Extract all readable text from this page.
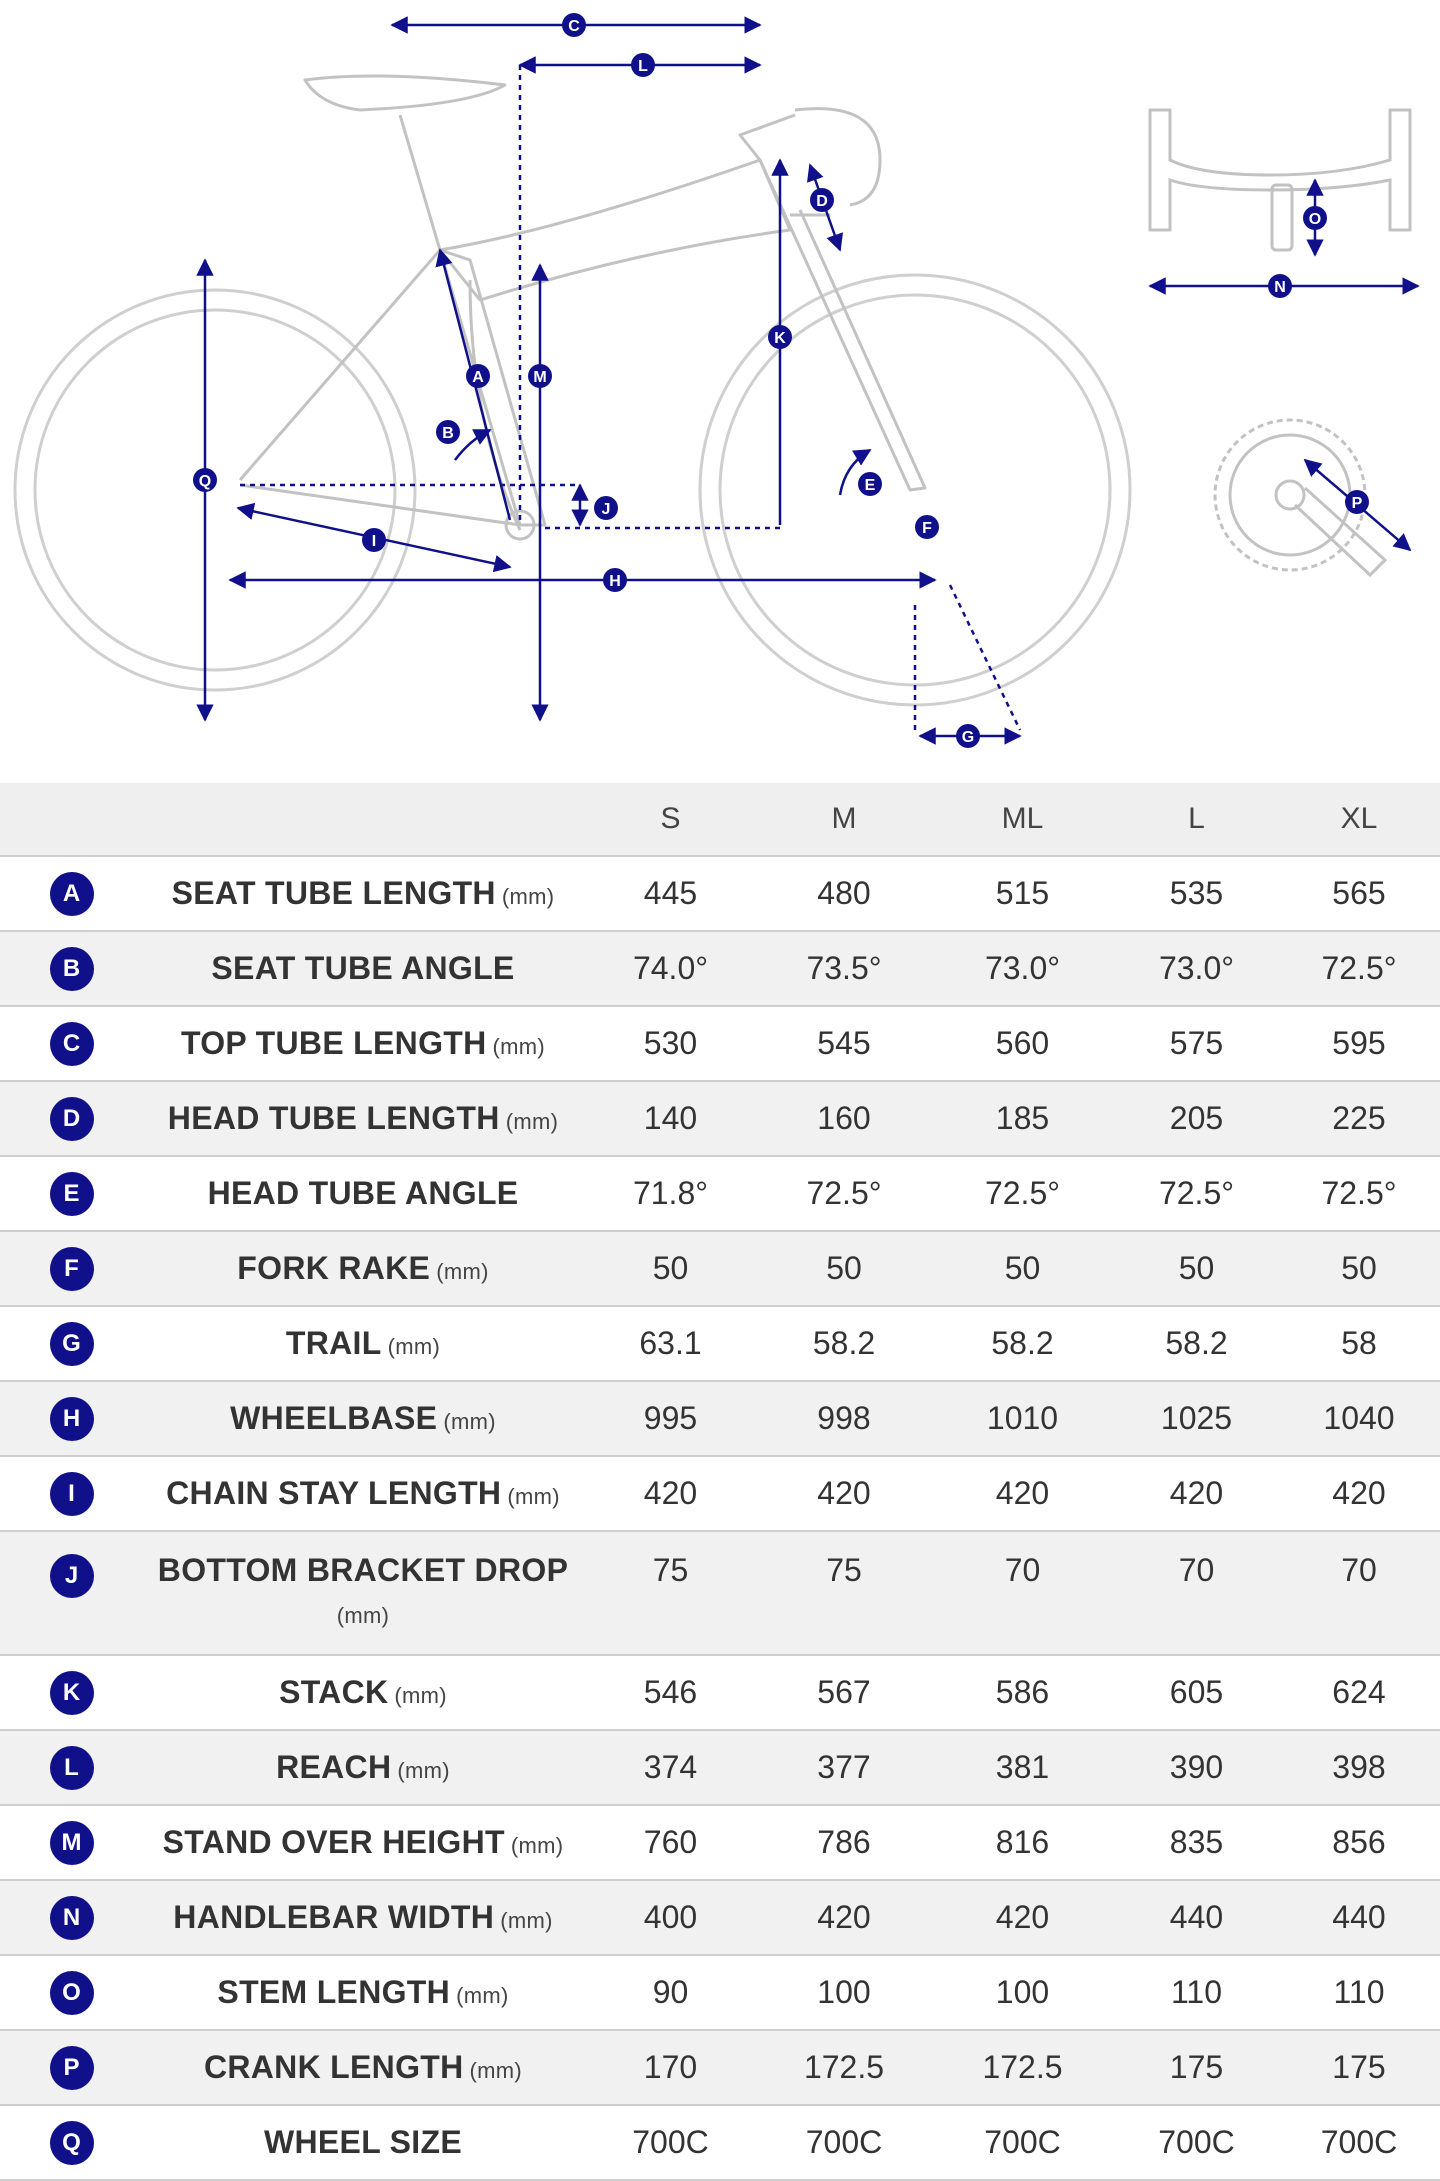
C
L
D
O
N
K
A	M
B
Q	E
P
J
F
I
H
G
		S	M	ML	L	XL
A	SEAT TUBE LENGTH (mm)	445	480	515	535	565
B	SEAT TUBE ANGLE	74.0°	73.5°	73.0°	73.0°	72.5°
C	TOP TUBE LENGTH (mm)	530	545	560	575	595
D	HEAD TUBE LENGTH (mm)	140	160	185	205	225
E	HEAD TUBE ANGLE	71.8°	72.5°	72.5°	72.5°	72.5°
F	FORK RAKE (mm)	50	50	50	50	50
G	TRAIL (mm)	63.1	58.2	58.2	58.2	58
H	WHEELBASE (mm)	995	998	1010	1025	1040
I	CHAIN STAY LENGTH (mm)	420	420	420	420	420
J	BOTTOM BRACKET DROP
(mm)	75	75	70	70	70
K	STACK (mm)	546	567	586	605	624
L	REACH (mm)	374	377	381	390	398
M	STAND OVER HEIGHT (mm)	760	786	816	835	856
N	HANDLEBAR WIDTH (mm)	400	420	420	440	440
O	STEM LENGTH (mm)	90	100	100	110	110
P	CRANK LENGTH (mm)	170	172.5	172.5	175	175
Q	WHEEL SIZE	700C	700C	700C	700C	700C
